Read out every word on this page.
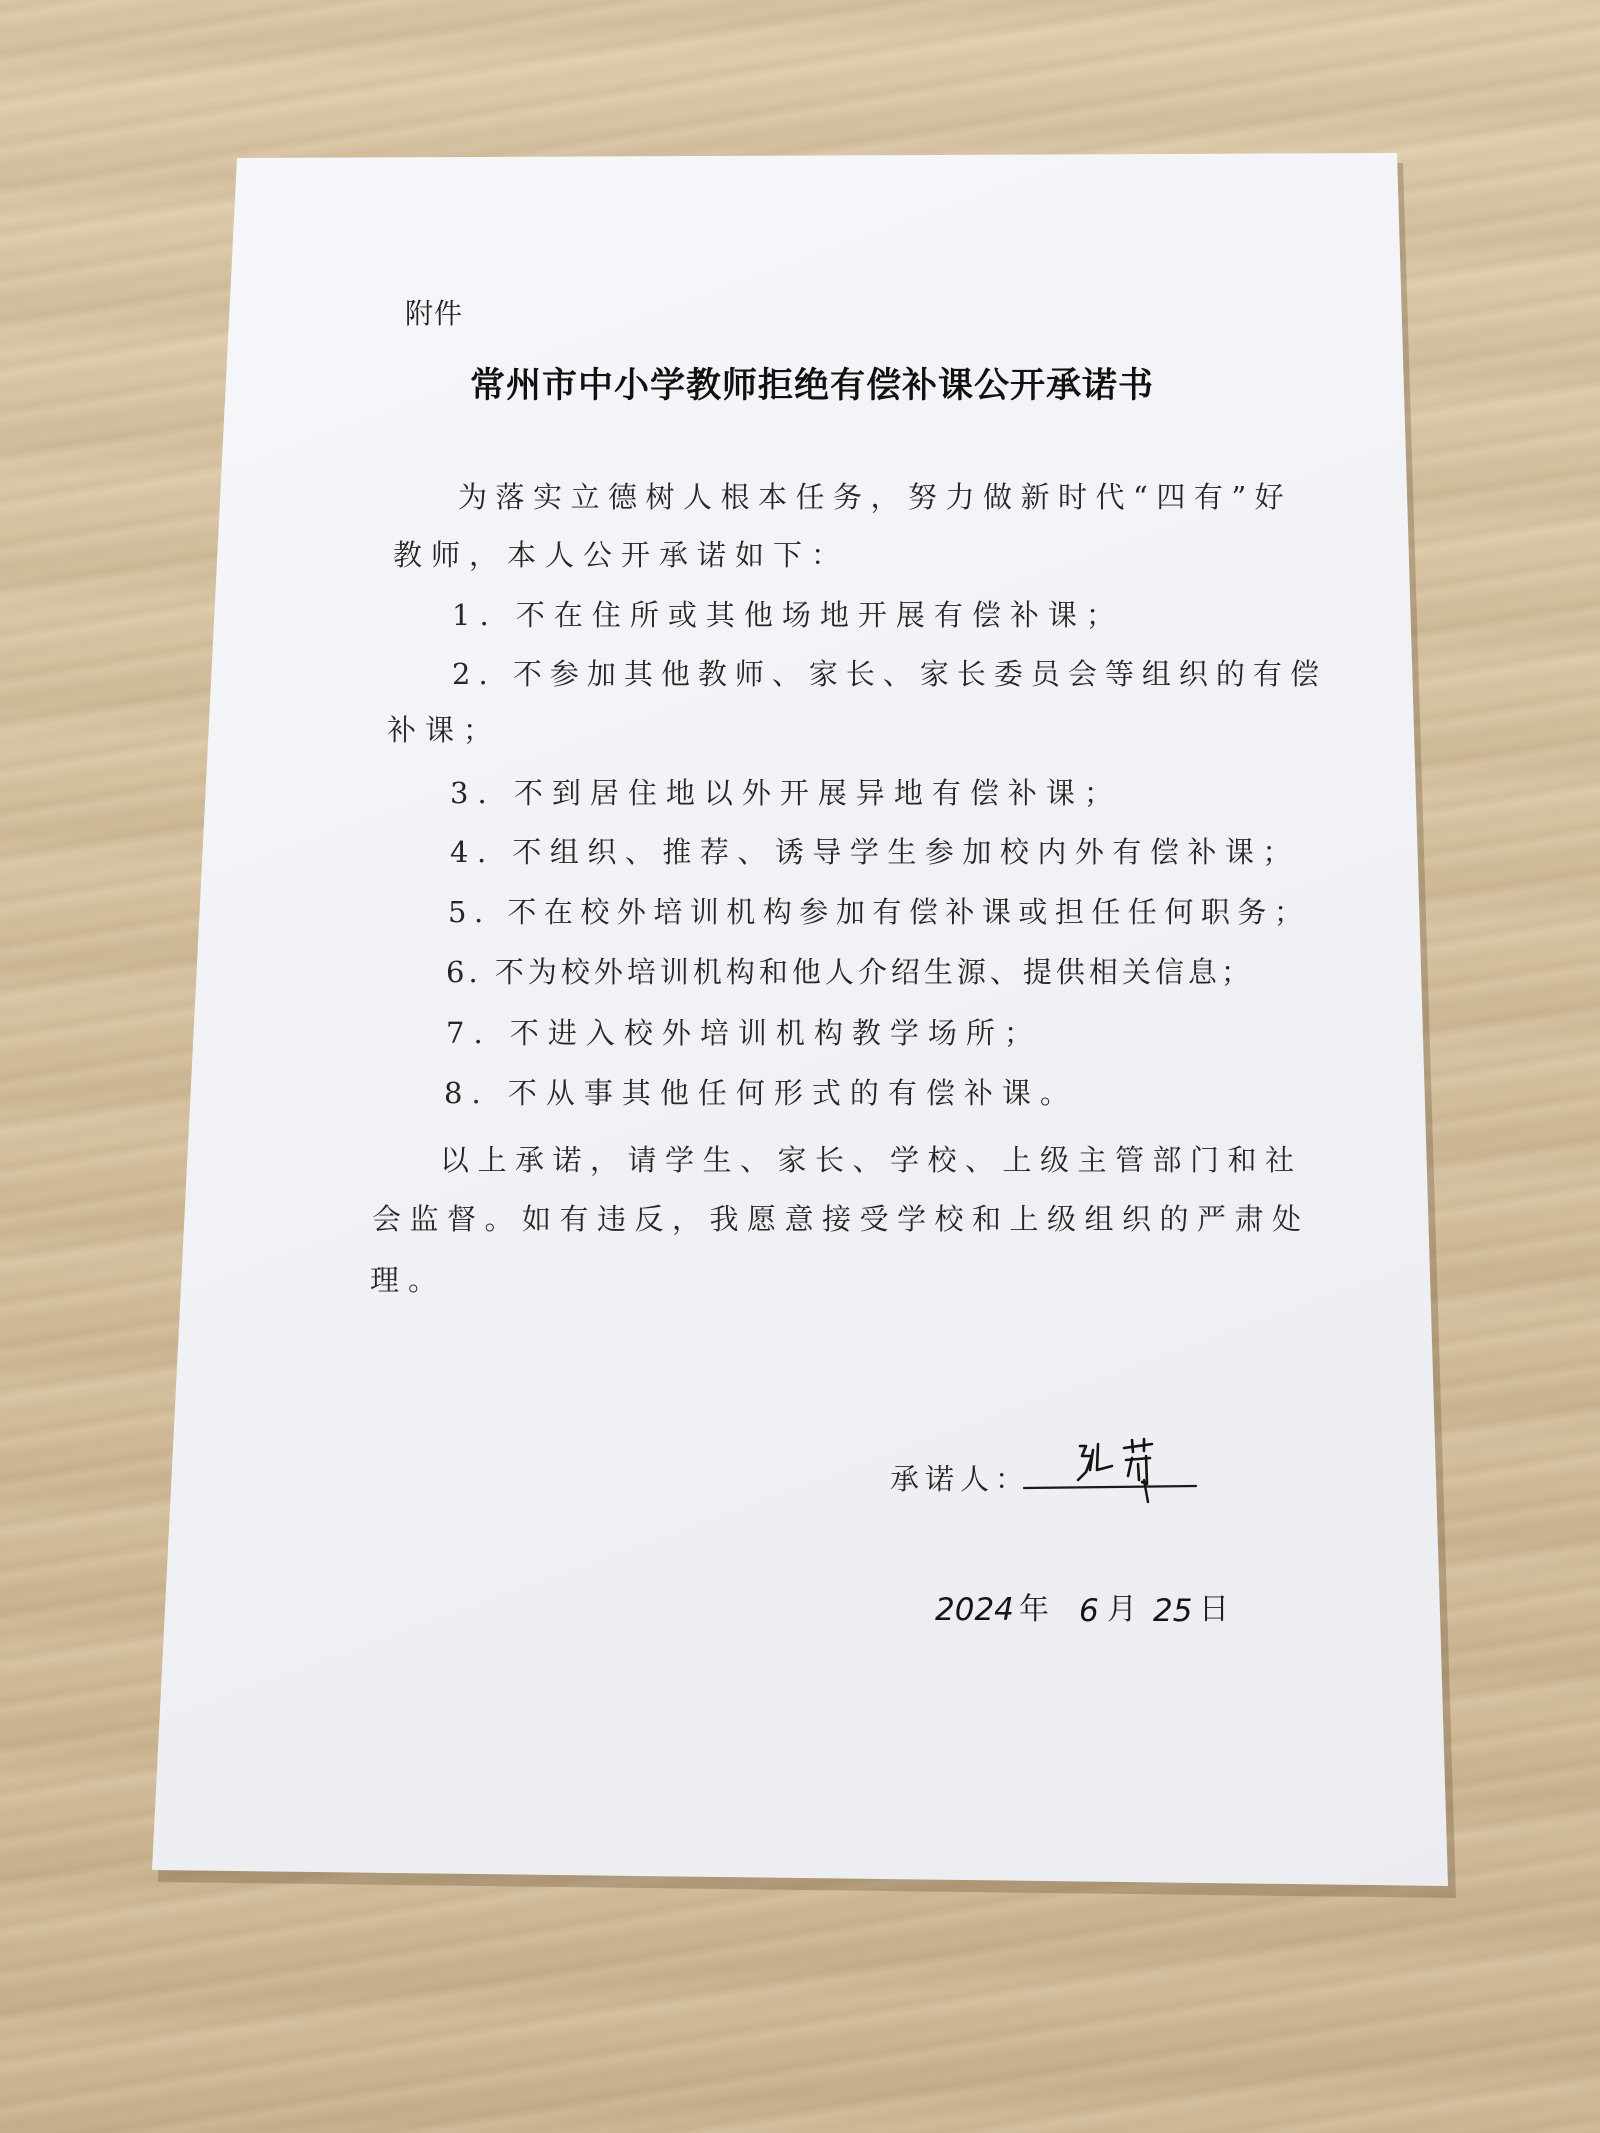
附件
常州市中小学教师拒绝有偿补课公开承诺书
为落实立德树人根本任务，努力做新时代“四有”好
教师，本人公开承诺如下：
1. 不在住所或其他场地开展有偿补课；
2. 不参加其他教师、家长、家长委员会等组织的有偿
补课；
3. 不到居住地以外开展异地有偿补课；
4. 不组织、推荐、诱导学生参加校内外有偿补课；
5. 不在校外培训机构参加有偿补课或担任任何职务；
6. 不为校外培训机构和他人介绍生源、提供相关信息；
7. 不进入校外培训机构教学场所；
8. 不从事其他任何形式的有偿补课。
以上承诺，请学生、家长、学校、上级主管部门和社
会监督。如有违反，我愿意接受学校和上级组织的严肃处
理。
承诺人：
2024 年 6 月 25 日
